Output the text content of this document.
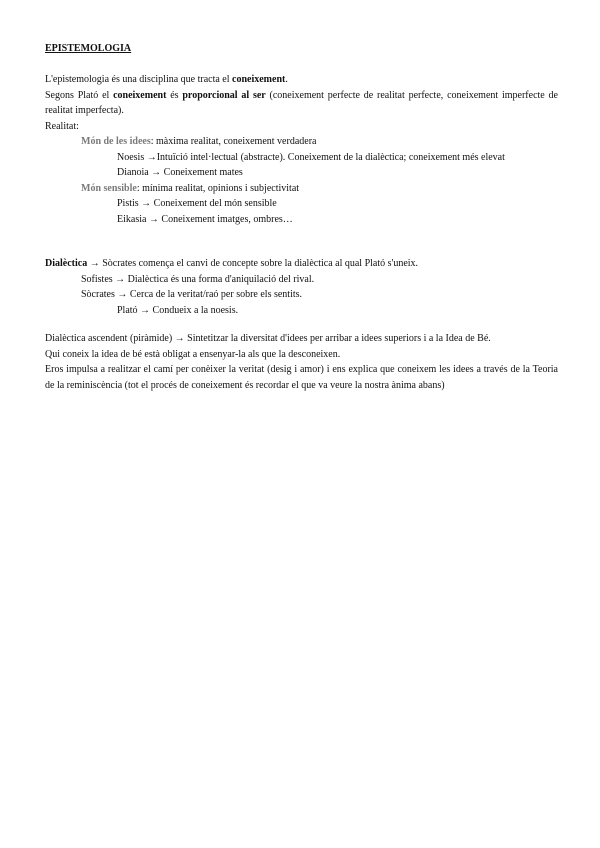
EPISTEMOLOGIA
L'epistemologia és una disciplina que tracta el coneixement.
Segons Plató el coneixement és proporcional al ser (coneixement perfecte de realitat perfecte, coneixement imperfecte de realitat imperfecta).
Realitat:
Món de les idees: màxima realitat, coneixement verdadera
Noesis →Intuïció intel·lectual (abstracte). Coneixement de la dialèctica; coneixement més elevat
Dianoia → Coneixement mates
Món sensible: mínima realitat, opinions i subjectivitat
Pistis → Coneixement del món sensible
Eikasia → Coneixement imatges, ombres…
Dialèctica → Sòcrates comença el canvi de concepte sobre la dialèctica al qual Plató s'uneix.
Sofistes → Dialèctica és una forma d'aniquilació del rival.
Sòcrates → Cerca de la veritat/raó per sobre els sentits.
Plató → Condueix a la noesis.
Dialèctica ascendent (piràmide) → Sintetitzar la diversitat d'idees per arribar a idees superiors i a la Idea de Bé.
Qui coneix la idea de bé està obligat a ensenyar-la als que la desconeixen.
Eros impulsa a realitzar el camí per conèixer la veritat (desig i amor) i ens explica que coneixem les idees a través de la Teoria de la reminiscència (tot el procés de coneixement és recordar el que va veure la nostra ànima abans)
